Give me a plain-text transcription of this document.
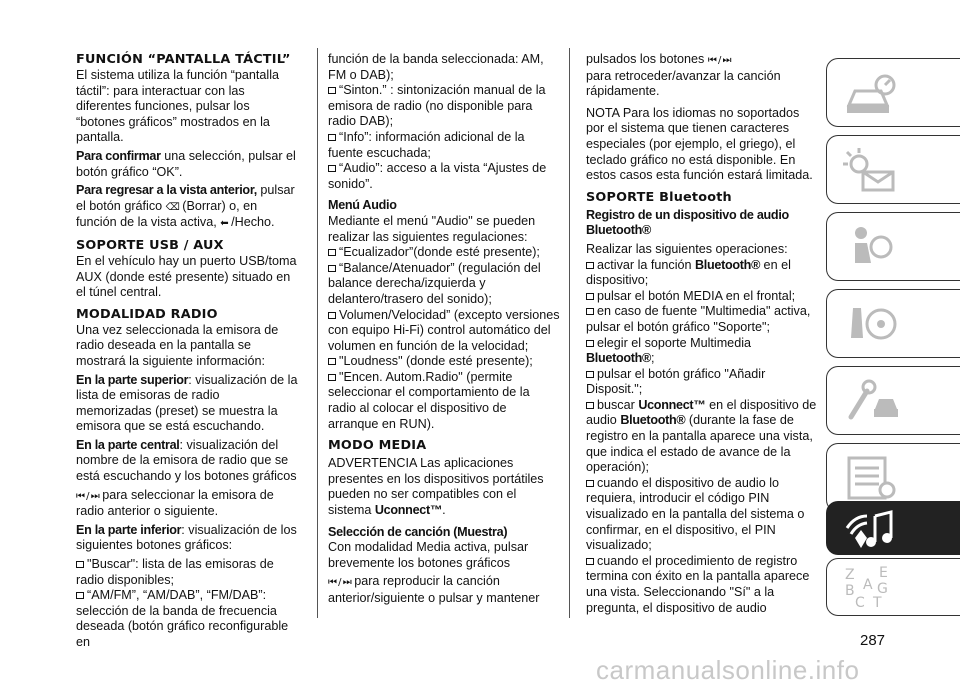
FUNCIÓN “PANTALLA TÁCTIL”

El sistema utiliza la función “pantalla táctil”: para interactuar con las diferentes funciones, pulsar los “botones gráficos” mostrados en la pantalla.

Para confirmar una selección, pulsar el botón gráfico “OK”.

Para regresar a la vista anterior, pulsar el botón gráfico ⌫ (Borrar) o, en función de la vista activa, ⬅ /Hecho.

SOPORTE USB / AUX

En el vehículo hay un puerto USB/toma AUX (donde esté presente) situado en el túnel central.

MODALIDAD RADIO

Una vez seleccionada la emisora de radio deseada en la pantalla se mostrará la siguiente información:

En la parte superior: visualización de la lista de emisoras de radio memorizadas (preset) se muestra la emisora que se está escuchando.

En la parte central: visualización del nombre de la emisora de radio que se está escuchando y los botones gráficos

⏮ / ⏭ para seleccionar la emisora de radio anterior o siguiente.

En la parte inferior: visualización de los siguientes botones gráficos:

"Buscar": lista de las emisoras de radio disponibles;

“AM/FM”, “AM/DAB”, “FM/DAB”: selección de la banda de frecuencia deseada (botón gráfico reconfigurable en

función de la banda seleccionada: AM, FM o DAB);

“Sinton.” : sintonización manual de la emisora de radio (no disponible para radio DAB);

“Info”: información adicional de la fuente escuchada;

“Audio”: acceso a la vista “Ajustes de sonido”.

Menú Audio

Mediante el menú "Audio" se pueden realizar las siguientes regulaciones:

“Ecualizador”(donde esté presente);

“Balance/Atenuador” (regulación del balance derecha/izquierda y delantero/trasero del sonido);

Volumen/Velocidad” (excepto versiones con equipo Hi-Fi) control automático del volumen en función de la velocidad;

"Loudness" (donde esté presente);

"Encen. Autom.Radio" (permite seleccionar el comportamiento de la radio al colocar el dispositivo de arranque en RUN).

MODO MEDIA

ADVERTENCIA Las aplicaciones presentes en los dispositivos portátiles pueden no ser compatibles con el sistema Uconnect™.

Selección de canción (Muestra)

Con modalidad Media activa, pulsar brevemente los botones gráficos

⏮ / ⏭ para reproducir la canción anterior/siguiente o pulsar y mantener

pulsados los botones ⏮ / ⏭

para retroceder/avanzar la canción rápidamente.

NOTA Para los idiomas no soportados por el sistema que tienen caracteres especiales (por ejemplo, el griego), el teclado gráfico no está disponible. En estos casos esta función estará limitada.

SOPORTE Bluetooth

Registro de un dispositivo de audio Bluetooth®

Realizar las siguientes operaciones:

activar la función Bluetooth® en el dispositivo;

pulsar el botón MEDIA en el frontal;

en caso de fuente "Multimedia" activa, pulsar el botón gráfico "Soporte";

elegir el soporte Multimedia Bluetooth®;

pulsar el botón gráfico "Añadir Disposit.";

buscar Uconnect™ en el dispositivo de audio Bluetooth® (durante la fase de registro en la pantalla aparece una vista, que indica el estado de avance de la operación);

cuando el dispositivo de audio lo requiera, introducir el código PIN visualizado en la pantalla del sistema o confirmar, en el dispositivo, el PIN visualizado;

cuando el procedimiento de registro termina con éxito en la pantalla aparece una vista. Seleccionando "Sí" a la pregunta, el dispositivo de audio

Z E
B A G
C T
287
carmanualsonline.info
